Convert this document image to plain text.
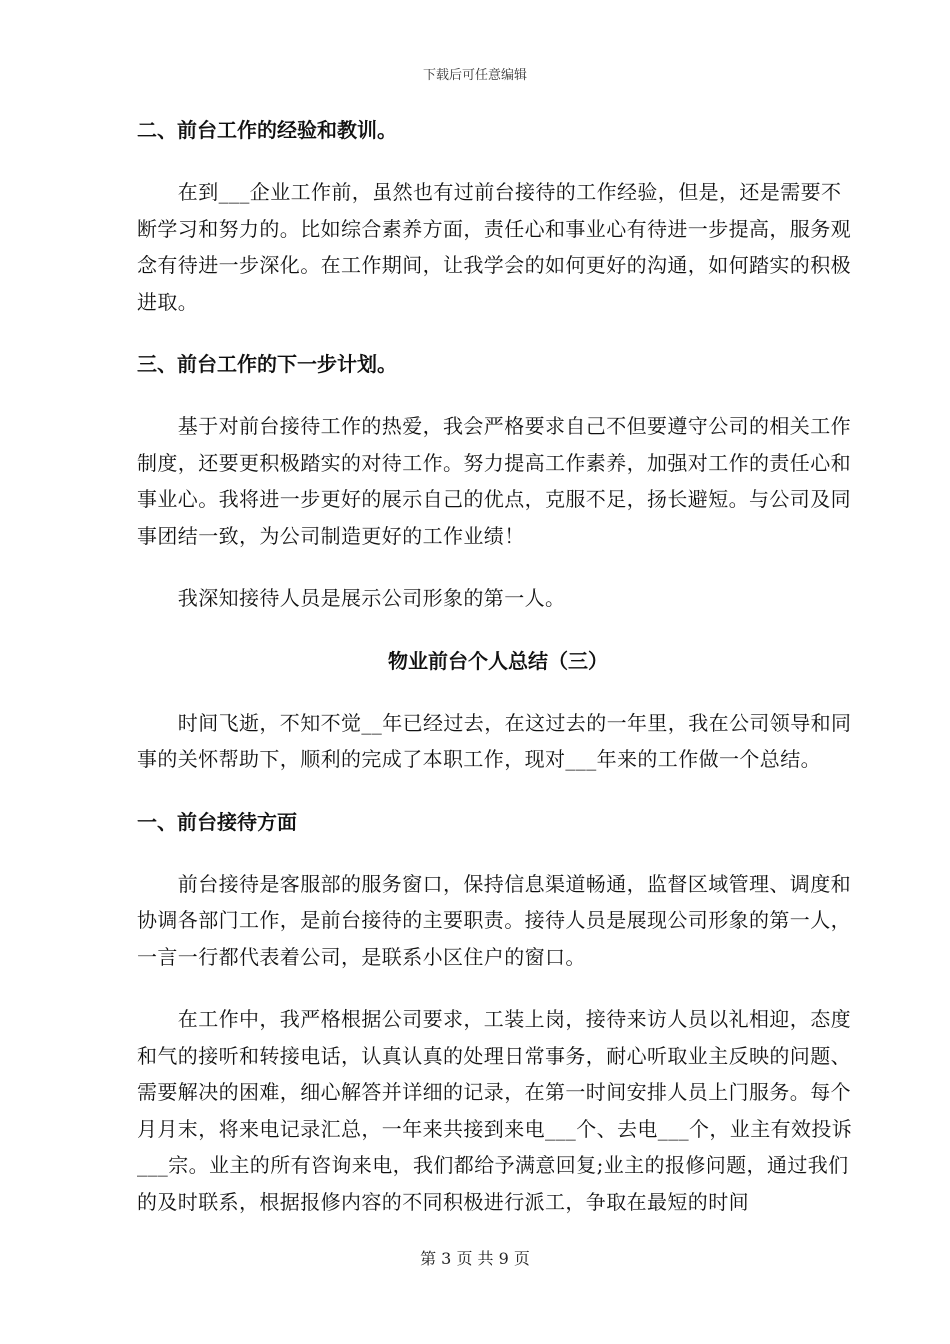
下载后可任意编辑
二、前台工作的经验和教训。
　　在到___企业工作前，虽然也有过前台接待的工作经验，但是，还是需要不断学习和努力的。比如综合素养方面，责任心和事业心有待进一步提高，服务观念有待进一步深化。在工作期间，让我学会的如何更好的沟通，如何踏实的积极进取。
三、前台工作的下一步计划。
　　基于对前台接待工作的热爱，我会严格要求自己不但要遵守公司的相关工作制度，还要更积极踏实的对待工作。努力提高工作素养，加强对工作的责任心和事业心。我将进一步更好的展示自己的优点，克服不足，扬长避短。与公司及同事团结一致，为公司制造更好的工作业绩！
　　我深知接待人员是展示公司形象的第一人。
物业前台个人总结（三）
　　时间飞逝，不知不觉__年已经过去，在这过去的一年里，我在公司领导和同事的关怀帮助下，顺利的完成了本职工作，现对___年来的工作做一个总结。
一、前台接待方面
　　前台接待是客服部的服务窗口，保持信息渠道畅通，监督区域管理、调度和协调各部门工作，是前台接待的主要职责。接待人员是展现公司形象的第一人，一言一行都代表着公司，是联系小区住户的窗口。
　　在工作中，我严格根据公司要求，工装上岗，接待来访人员以礼相迎，态度和气的接听和转接电话，认真认真的处理日常事务，耐心听取业主反映的问题、需要解决的困难，细心解答并详细的记录，在第一时间安排人员上门服务。每个月月末，将来电记录汇总，一年来共接到来电___个、去电___个，业主有效投诉___宗。业主的所有咨询来电，我们都给予满意回复;业主的报修问题，通过我们的及时联系，根据报修内容的不同积极进行派工，争取在最短的时间
第 3 页 共 9 页
